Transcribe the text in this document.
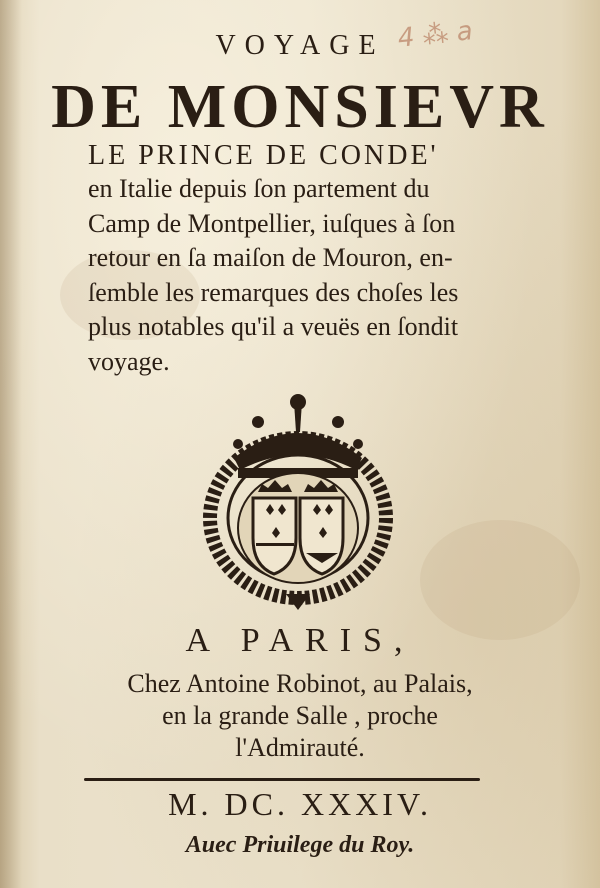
VOYAGE 4 ⁂ a
DE MONSIEVR
LE PRINCE DE CONDE'
en Italie depuis ſon partement du
Camp de Montpellier, iuſques à ſon
retour en ſa maiſon de Mouron, en-
ſemble les remarques des choſes les
plus notables qu'il a veuës en ſondit
voyage.
A PARIS,
Chez Antoine Robinot, au Palais,
en la grande Salle , proche
l'Admirauté.
M. DC. XXXIV.
Auec Priuilege du Roy.
